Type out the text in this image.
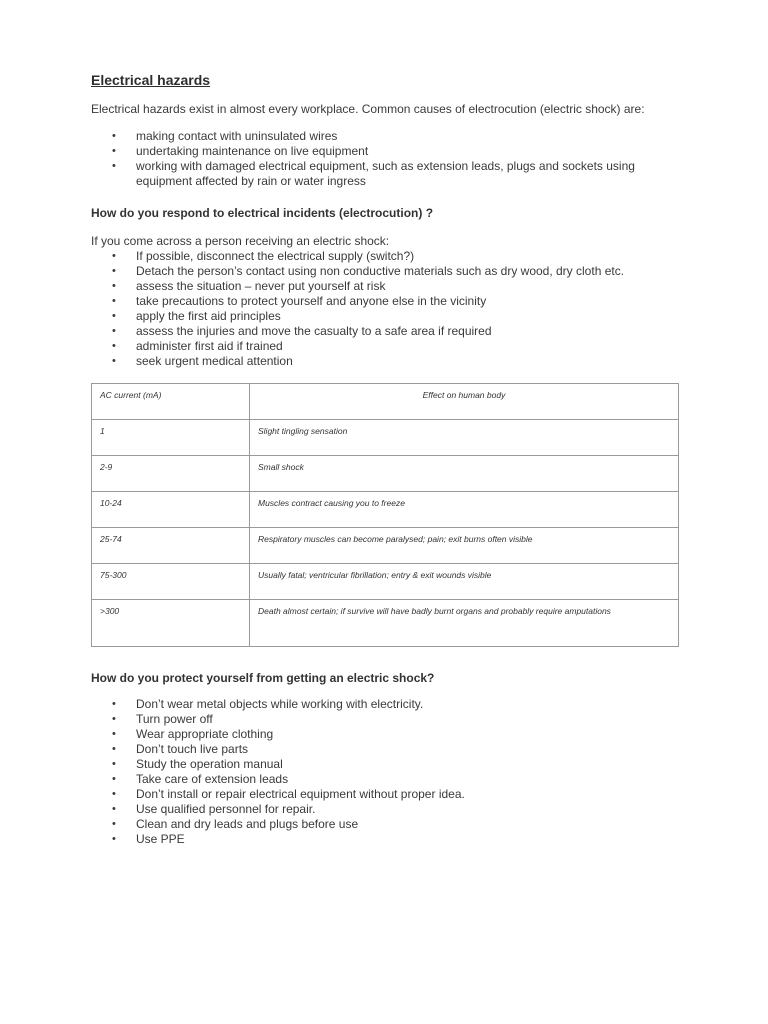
Electrical hazards

Electrical hazards exist in almost every workplace. Common causes of electrocution (electric shock) are:

• making contact with uninsulated wires
• undertaking maintenance on live equipment
• working with damaged electrical equipment, such as extension leads, plugs and sockets using equipment affected by rain or water ingress

How do you respond to electrical incidents (electrocution) ?

If you come across a person receiving an electric shock:

• If possible, disconnect the electrical supply (switch?)
• Detach the person’s contact using non conductive materials such as dry wood, dry cloth etc.
• assess the situation – never put yourself at risk
• take precautions to protect yourself and anyone else in the vicinity
• apply the first aid principles
• assess the injuries and move the casualty to a safe area if required
• administer first aid if trained
• seek urgent medical attention
AC current (mA)	Effect on human body
1	Slight tingling sensation
2-9	Small shock
10-24	Muscles contract causing you to freeze
25-74	Respiratory muscles can become paralysed; pain; exit burns often visible
75-300	Usually fatal; ventricular fibrillation; entry & exit wounds visible
>300	Death almost certain; if survive will have badly burnt organs and probably require amputations

How do you protect yourself from getting an electric shock?

• Don’t wear metal objects while working with electricity.
• Turn power off
• Wear appropriate clothing
• Don’t touch live parts
• Study the operation manual
• Take care of extension leads
• Don’t install or repair electrical equipment without proper idea.
• Use qualified personnel for repair.
• Clean and dry leads and plugs before use
• Use PPE
